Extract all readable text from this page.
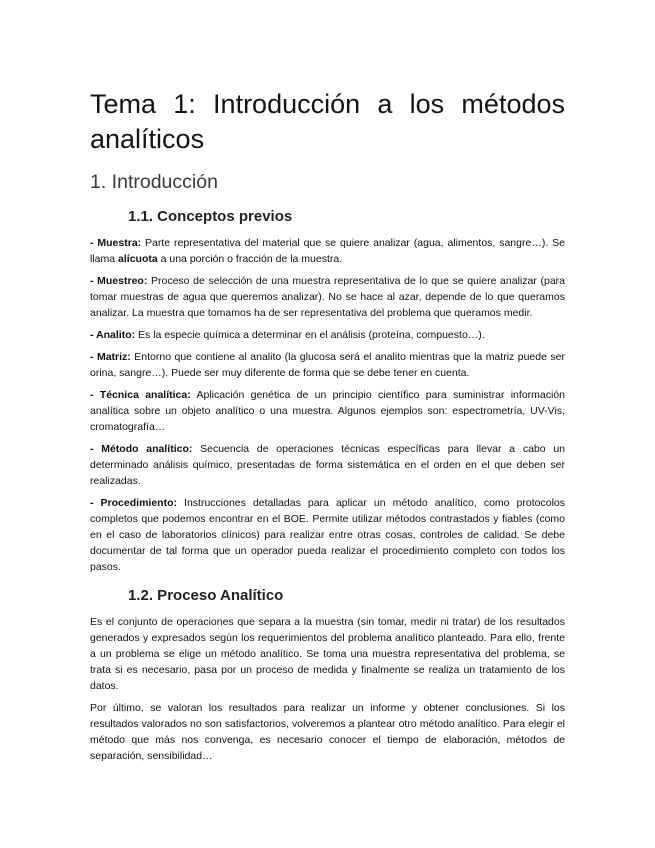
Tema 1: Introducción a los métodos analíticos
1. Introducción
1.1. Conceptos previos

- Muestra: Parte representativa del material que se quiere analizar (agua, alimentos, sangre…). Se llama alícuota a una porción o fracción de la muestra.

- Muestreo: Proceso de selección de una muestra representativa de lo que se quiere analizar (para tomar muestras de agua que queremos analizar). No se hace al azar, depende de lo que queramos analizar. La muestra que tomamos ha de ser representativa del problema que queramos medir.

- Analito: Es la especie química a determinar en el análisis (proteína, compuesto…).

- Matriz: Entorno que contiene al analito (la glucosa será el analito mientras que la matriz puede ser orina, sangre…). Puede ser muy diferente de forma que se debe tener en cuenta.

- Técnica analítica: Aplicación genética de un principio científico para suministrar información analítica sobre un objeto analítico o una muestra. Algunos ejemplos son: espectrometría, UV-Vis, cromatografía…

- Método analítico: Secuencia de operaciones técnicas específicas para llevar a cabo un determinado análisis químico, presentadas de forma sistemática en el orden en el que deben ser realizadas.

- Procedimiento: Instrucciones detalladas para aplicar un método analítico, como protocolos completos que podemos encontrar en el BOE. Permite utilizar métodos contrastados y fiables (como en el caso de laboratorios clínicos) para realizar entre otras cosas, controles de calidad. Se debe documentar de tal forma que un operador pueda realizar el procedimiento completo con todos los pasos.

1.2. Proceso Analítico

Es el conjunto de operaciones que separa a la muestra (sin tomar, medir ni tratar) de los resultados generados y expresados según los requerimientos del problema analítico planteado. Para ello, frente a un problema se elige un método analítico. Se toma una muestra representativa del problema, se trata si es necesario, pasa por un proceso de medida y finalmente se realiza un tratamiento de los datos.

Por último, se valoran los resultados para realizar un informe y obtener conclusiones. Si los resultados valorados no son satisfactorios, volveremos a plantear otro método analítico. Para elegir el método que más nos convenga, es necesario conocer el tiempo de elaboración, métodos de separación, sensibilidad…
